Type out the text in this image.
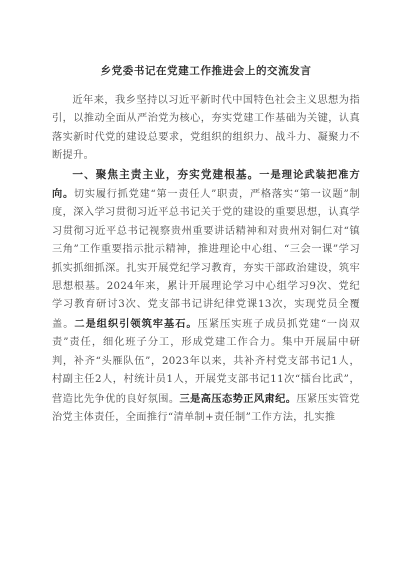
乡党委书记在党建工作推进会上的交流发言

近年来，我乡坚持以习近平新时代中国特色社会主义思想为指引，以推动全面从严治党为核心，夯实党建工作基础为关键，认真落实新时代党的建设总要求，党组织的组织力、战斗力、凝聚力不断提升。

一、聚焦主责主业，夯实党建根基。一是理论武装把准方向。切实履行抓党建“第一责任人”职责，严格落实“第一议题”制度，深入学习贯彻习近平总书记关于党的建设的重要思想，认真学习贯彻习近平总书记视察贵州重要讲话精神和对贵州对铜仁对“镇三角”工作重要指示批示精神，推进理论中心组、“三会一课”学习抓实抓细抓深。扎实开展党纪学习教育，夯实干部政治建设，筑牢思想根基。2024年来，累计开展理论学习中心组学习9次、党纪学习教育研讨3次、党支部书记讲纪律党课13次，实现党员全覆盖。二是组织引领筑牢基石。压紧压实班子成员抓党建“一岗双责”责任，细化班子分工，形成党建工作合力。集中开展届中研判，补齐“头雁队伍”，2023年以来，共补齐村党支部书记1人，村副主任2人，村统计员1人，开展党支部书记11次“擂台比武”，营造比先争优的良好氛围。三是高压态势正风肃纪。压紧压实管党治党主体责任，全面推行“清单制+责任制”工作方法，扎实推
